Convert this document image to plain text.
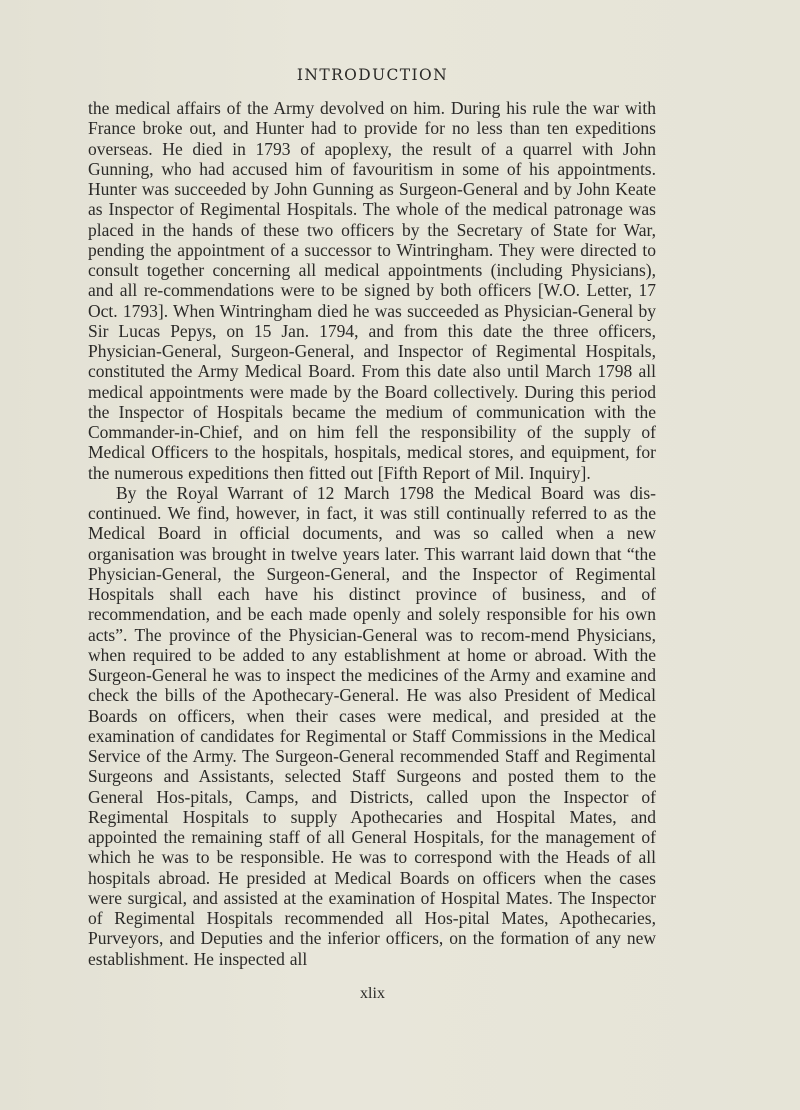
INTRODUCTION

the medical affairs of the Army devolved on him. During his rule the war with France broke out, and Hunter had to provide for no less than ten expeditions overseas. He died in 1793 of apoplexy, the result of a quarrel with John Gunning, who had accused him of favouritism in some of his appointments. Hunter was succeeded by John Gunning as Surgeon-General and by John Keate as Inspector of Regimental Hospitals. The whole of the medical patronage was placed in the hands of these two officers by the Secretary of State for War, pending the appointment of a successor to Wintringham. They were directed to consult together concerning all medical appointments (including Physicians), and all re-commendations were to be signed by both officers [W.O. Letter, 17 Oct. 1793]. When Wintringham died he was succeeded as Physician-General by Sir Lucas Pepys, on 15 Jan. 1794, and from this date the three officers, Physician-General, Surgeon-General, and Inspector of Regimental Hospitals, constituted the Army Medical Board. From this date also until March 1798 all medical appointments were made by the Board collectively. During this period the Inspector of Hospitals became the medium of communication with the Commander-in-Chief, and on him fell the responsibility of the supply of Medical Officers to the hospitals, hospitals, medical stores, and equipment, for the numerous expeditions then fitted out [Fifth Report of Mil. Inquiry].

By the Royal Warrant of 12 March 1798 the Medical Board was dis-continued. We find, however, in fact, it was still continually referred to as the Medical Board in official documents, and was so called when a new organisation was brought in twelve years later. This warrant laid down that “the Physician-General, the Surgeon-General, and the Inspector of Regimental Hospitals shall each have his distinct province of business, and of recommendation, and be each made openly and solely responsible for his own acts”. The province of the Physician-General was to recom-mend Physicians, when required to be added to any establishment at home or abroad. With the Surgeon-General he was to inspect the medicines of the Army and examine and check the bills of the Apothecary-General. He was also President of Medical Boards on officers, when their cases were medical, and presided at the examination of candidates for Regimental or Staff Commissions in the Medical Service of the Army. The Surgeon-General recommended Staff and Regimental Surgeons and Assistants, selected Staff Surgeons and posted them to the General Hos-pitals, Camps, and Districts, called upon the Inspector of Regimental Hospitals to supply Apothecaries and Hospital Mates, and appointed the remaining staff of all General Hospitals, for the management of which he was to be responsible. He was to correspond with the Heads of all hospitals abroad. He presided at Medical Boards on officers when the cases were surgical, and assisted at the examination of Hospital Mates. The Inspector of Regimental Hospitals recommended all Hos-pital Mates, Apothecaries, Purveyors, and Deputies and the inferior officers, on the formation of any new establishment. He inspected all

xlix
